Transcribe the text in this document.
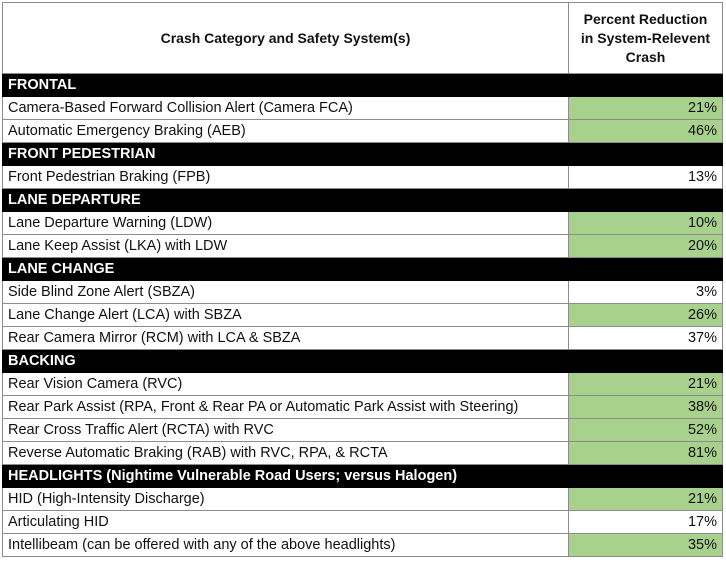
Crash Category and Safety System(s)	Percent Reduction
in System-Relevent
Crash

FRONTAL	
Camera-Based Forward Collision Alert (Camera FCA)	21%
Automatic Emergency Braking (AEB)	46%
FRONT PEDESTRIAN	
Front Pedestrian Braking (FPB)	13%
LANE DEPARTURE	
Lane Departure Warning (LDW)	10%
Lane Keep Assist (LKA) with LDW	20%
LANE CHANGE	
Side Blind Zone Alert (SBZA)	3%
Lane Change Alert (LCA) with SBZA	26%
Rear Camera Mirror (RCM) with LCA & SBZA	37%
BACKING	
Rear Vision Camera (RVC)	21%
Rear Park Assist (RPA, Front & Rear PA or Automatic Park Assist with Steering)	38%
Rear Cross Traffic Alert (RCTA) with RVC	52%
Reverse Automatic Braking (RAB) with RVC, RPA, & RCTA	81%
HEADLIGHTS (Nightime Vulnerable Road Users; versus Halogen)	
HID (High-Intensity Discharge)	21%
Articulating HID	17%
Intellibeam (can be offered with any of the above headlights)	35%
